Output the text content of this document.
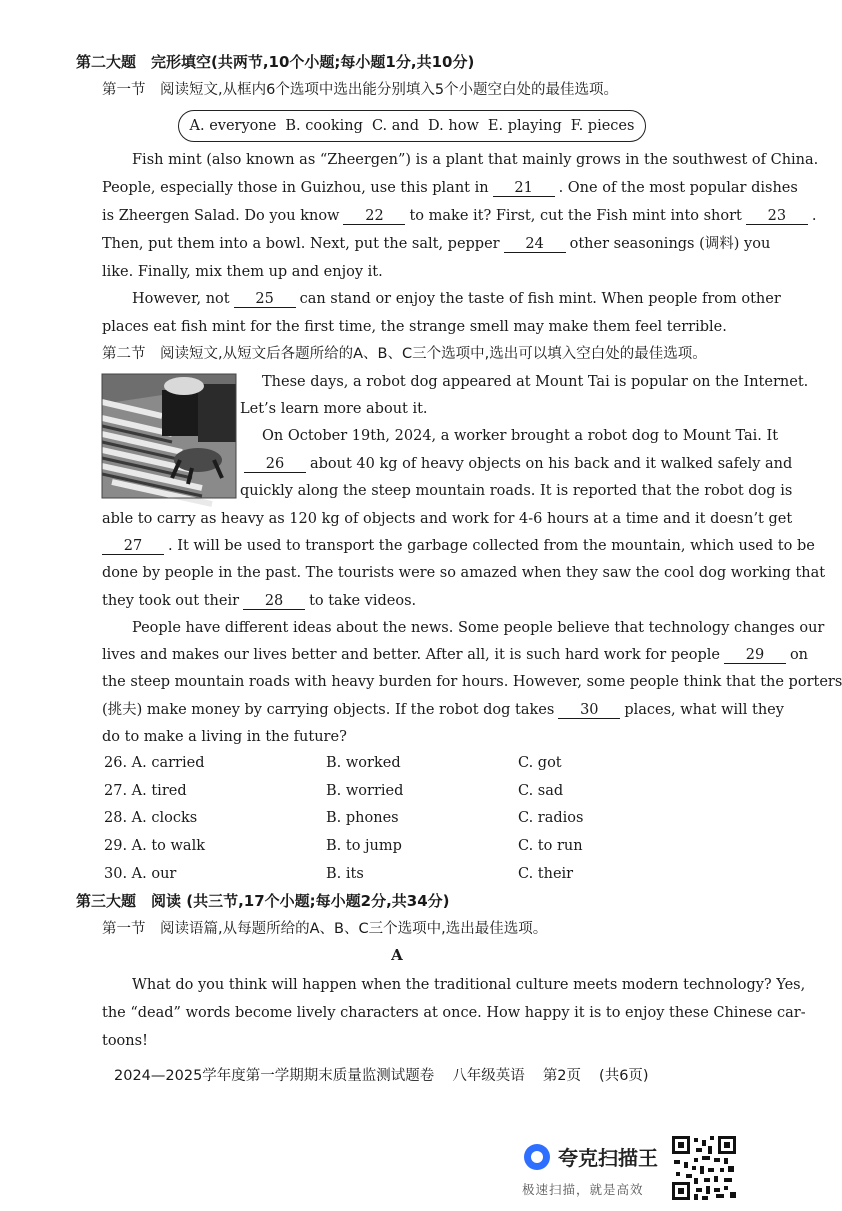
第二大题　完形填空(共两节,10个小题;每小题1分,共10分)
第一节　阅读短文,从框内6个选项中选出能分别填入5个小题空白处的最佳选项。
A. everyone B. cooking C. and D. how E. playing F. pieces
Fish mint (also known as “Zheergen”) is a plant that mainly grows in the southwest of China.
People, especially those in Guizhou, use this plant in 21 . One of the most popular dishes
is Zheergen Salad. Do you know 22 to make it? First, cut the Fish mint into short 23 .
Then, put them into a bowl. Next, put the salt, pepper 24 other seasonings (调料) you
like. Finally, mix them up and enjoy it.
However, not 25 can stand or enjoy the taste of fish mint. When people from other
places eat fish mint for the first time, the strange smell may make them feel terrible.
第二节　阅读短文,从短文后各题所给的A、B、C三个选项中,选出可以填入空白处的最佳选项。
These days, a robot dog appeared at Mount Tai is popular on the Internet.
Let’s learn more about it.
On October 19th, 2024, a worker brought a robot dog to Mount Tai. It
26 about 40 kg of heavy objects on his back and it walked safely and
quickly along the steep mountain roads. It is reported that the robot dog is
able to carry as heavy as 120 kg of objects and work for 4-6 hours at a time and it doesn’t get
27 . It will be used to transport the garbage collected from the mountain, which used to be
done by people in the past. The tourists were so amazed when they saw the cool dog working that
they took out their 28 to take videos.
People have different ideas about the news. Some people believe that technology changes our
lives and makes our lives better and better. After all, it is such hard work for people 29 on
the steep mountain roads with heavy burden for hours. However, some people think that the porters
(挑夫) make money by carrying objects. If the robot dog takes 30 places, what will they
do to make a living in the future?
26. A. carried	B. worked	C. got
27. A. tired	B. worried	C. sad
28. A. clocks	B. phones	C. radios
29. A. to walk	B. to jump	C. to run
30. A. our	B. its	C. their
第三大题　阅读 (共三节,17个小题;每小题2分,共34分)
第一节　阅读语篇,从每题所给的A、B、C三个选项中,选出最佳选项。
A
What do you think will happen when the traditional culture meets modern technology? Yes,
the “dead” words become lively characters at once. How happy it is to enjoy these Chinese car-
toons!
2024—2025学年度第一学期期末质量监测试题卷 八年级英语 第2页 (共6页)
夸克扫描王
极速扫描，就是高效
